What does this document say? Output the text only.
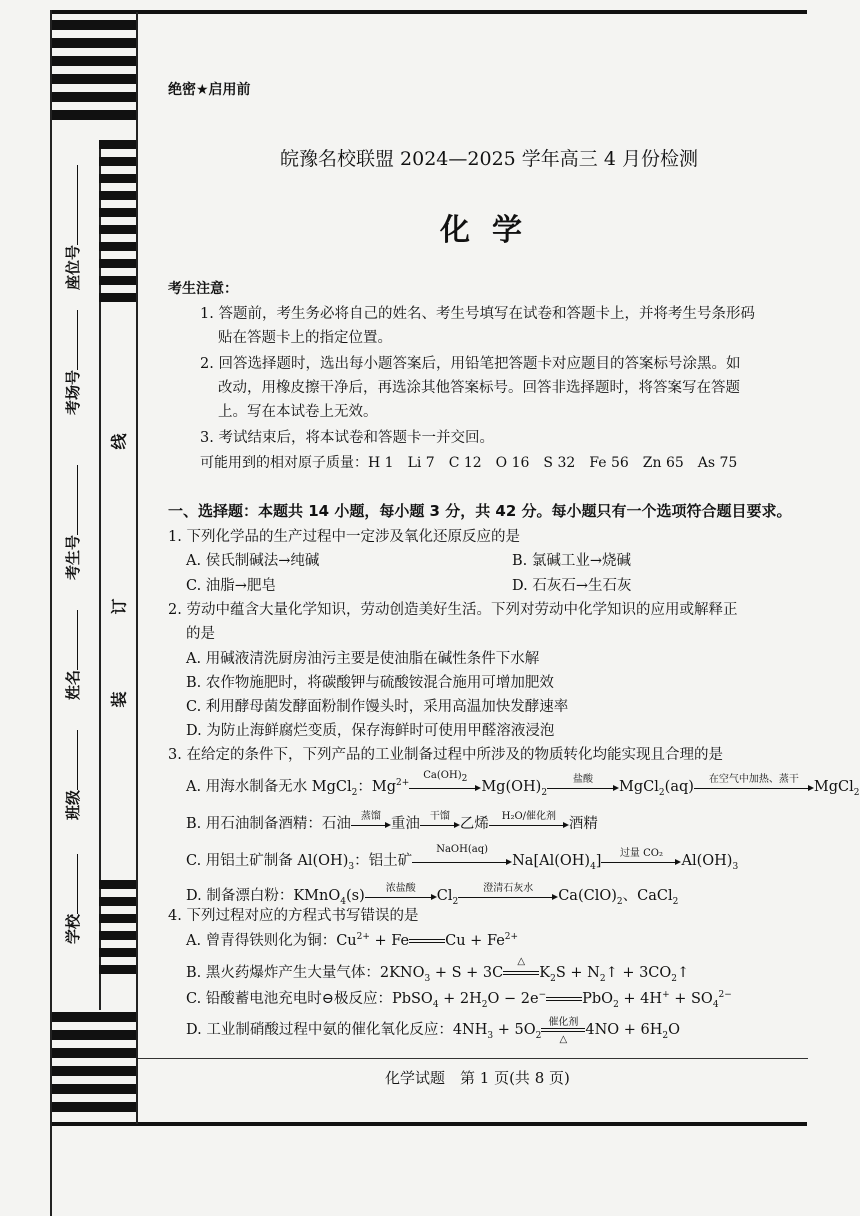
学校
班级
姓名
考生号
考场号
座位号
线
订
装
绝密★启用前
皖豫名校联盟 2024—2025 学年高三 4 月份检测
化学
考生注意：
1. 答题前，考生务必将自己的姓名、考生号填写在试卷和答题卡上，并将考生号条形码
贴在答题卡上的指定位置。
2. 回答选择题时，选出每小题答案后，用铅笔把答题卡对应题目的答案标号涂黑。如
改动，用橡皮擦干净后，再选涂其他答案标号。回答非选择题时，将答案写在答题
上。写在本试卷上无效。
3. 考试结束后，将本试卷和答题卡一并交回。
可能用到的相对原子质量：H 1　Li 7　C 12　O 16　S 32　Fe 56　Zn 65　As 75
一、选择题：本题共 14 小题，每小题 3 分，共 42 分。每小题只有一个选项符合题目要求。
1. 下列化学品的生产过程中一定涉及氧化还原反应的是
A. 侯氏制碱法→纯碱	B. 氯碱工业→烧碱
C. 油脂→肥皂	D. 石灰石→生石灰
2. 劳动中蕴含大量化学知识，劳动创造美好生活。下列对劳动中化学知识的应用或解释正
的是
A. 用碱液清洗厨房油污主要是使油脂在碱性条件下水解
B. 农作物施肥时，将碳酸钾与硫酸铵混合施用可增加肥效
C. 利用酵母菌发酵面粉制作馒头时，采用高温加快发酵速率
D. 为防止海鲜腐烂变质，保存海鲜时可使用甲醛溶液浸泡
3. 在给定的条件下，下列产品的工业制备过程中所涉及的物质转化均能实现且合理的是
A. 用海水制备无水 MgCl$_2$：$Mg^{2+}$
$Ca(OH)_2$ $Mg(OH)_2$
盐酸	MgCl$_2$(aq)	在空气中加热、蒸干	MgCl$_2$
B. 用石油制备酒精：石油	蒸馏 重油	干馏 乙烯	H₂O/催化剂 酒精
C. 用铝土矿制备 $Al(OH)_3$：铝土矿
NaOH(aq)
$Na[Al(OH)_4]$	过量 CO₂	$Al(OH)_3$
D. 制备漂白粉：KMnO$_4$(s)	浓盐酸	$Cl_2$
澄清石灰水	$Ca(ClO)_2$、CaCl$_2$
4. 下列过程对应的方程式书写错误的是
A. 曾青得铁则化为铜：$Cu^{2+} + Fe$ $Cu + Fe^{2+}$
B. 黑火药爆炸产生大量气体：$2KNO_3 + S + 3C$
△
$K_2S$ + $N_2↑$ + $3CO_2↑$
C. 铅酸蓄电池充电时⊖极反应：PbSO$_4$ + $2H_2O - 2e^-$ $PbO_2 + 4H^+ + SO_4^{2-}$
D. 工业制硝酸过程中氨的催化氧化反应：$4NH_3 + 5O_2$
催化剂
△
$4NO + 6H_2O$
化学试题　第 1 页(共 8 页)
